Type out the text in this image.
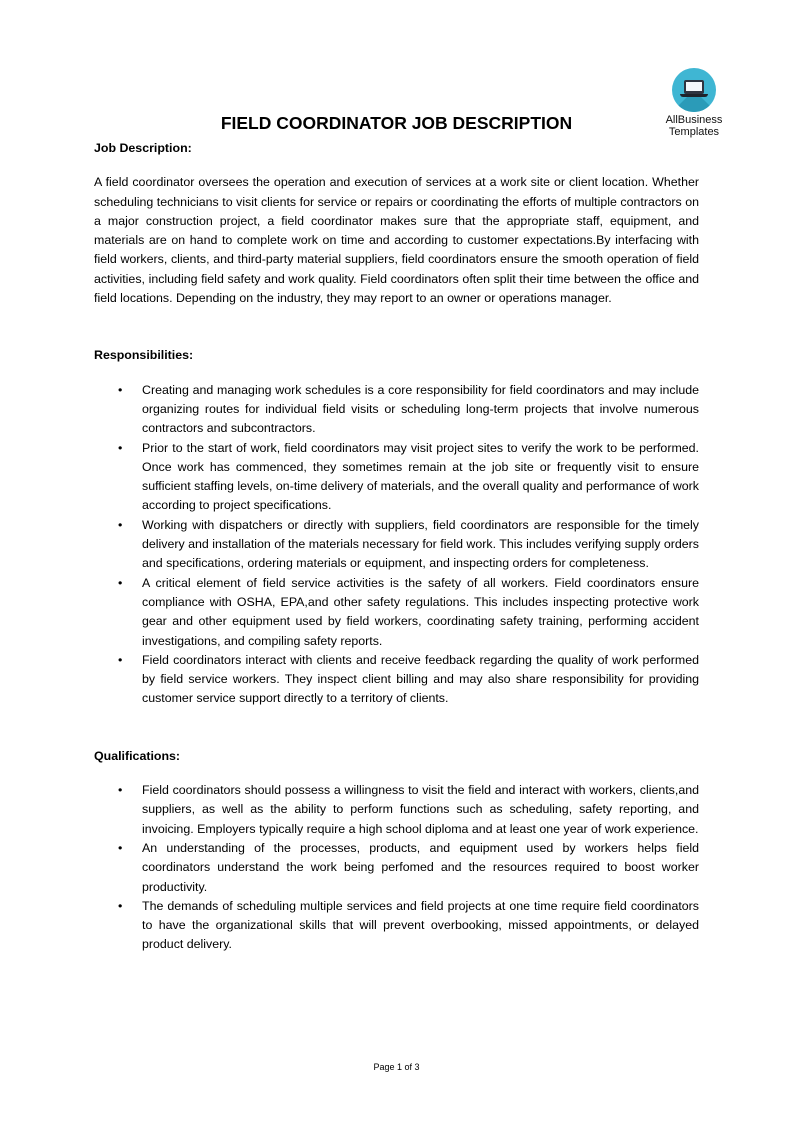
AllBusiness
Templates
FIELD COORDINATOR JOB DESCRIPTION

Job Description:

A field coordinator oversees the operation and execution of services at a work site or client location. Whether scheduling technicians to visit clients for service or repairs or coordinating the efforts of multiple contractors on a major construction project, a field coordinator makes sure that the appropriate staff, equipment, and materials are on hand to complete work on time and according to customer expectations.By interfacing with field workers, clients, and third-party material suppliers, field coordinators ensure the smooth operation of field activities, including field safety and work quality. Field coordinators often split their time between the office and field locations. Depending on the industry, they may report to an owner or operations manager.

Responsibilities:

• Creating and managing work schedules is a core responsibility for field coordinators and may include organizing routes for individual field visits or scheduling long-term projects that involve numerous contractors and subcontractors.
• Prior to the start of work, field coordinators may visit project sites to verify the work to be performed. Once work has commenced, they sometimes remain at the job site or frequently visit to ensure sufficient staffing levels, on-time delivery of materials, and the overall quality and performance of work according to project specifications.
• Working with dispatchers or directly with suppliers, field coordinators are responsible for the timely delivery and installation of the materials necessary for field work. This includes verifying supply orders and specifications, ordering materials or equipment, and inspecting orders for completeness.
• A critical element of field service activities is the safety of all workers. Field coordinators ensure compliance with OSHA, EPA,and other safety regulations. This includes inspecting protective work gear and other equipment used by field workers, coordinating safety training, performing accident investigations, and compiling safety reports.
• Field coordinators interact with clients and receive feedback regarding the quality of work performed by field service workers. They inspect client billing and may also share responsibility for providing customer service support directly to a territory of clients.

Qualifications:

• Field coordinators should possess a willingness to visit the field and interact with workers, clients,and suppliers, as well as the ability to perform functions such as scheduling, safety reporting, and invoicing. Employers typically require a high school diploma and at least one year of work experience.
• An understanding of the processes, products, and equipment used by workers helps field coordinators understand the work being perfomed and the resources required to boost worker productivity.
• The demands of scheduling multiple services and field projects at one time require field coordinators to have the organizational skills that will prevent overbooking, missed appointments, or delayed product delivery.
Page 1 of 3
